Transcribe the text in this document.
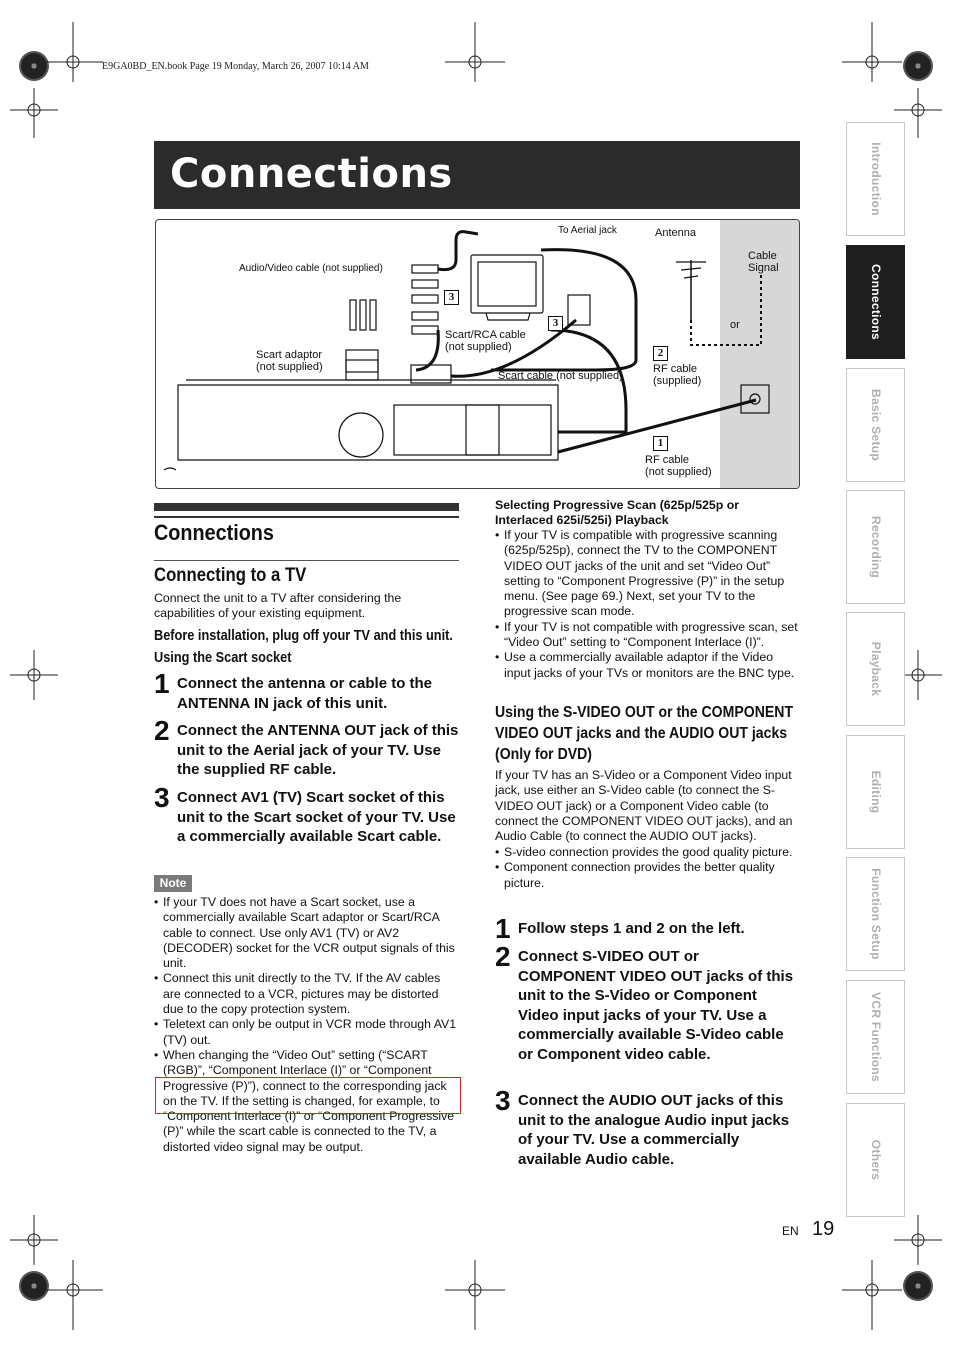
E9GA0BD_EN.book Page 19 Monday, March 26, 2007 10:14 AM
Connections
Audio/Video cable (not supplied)
To Aerial jack	Antenna
Cable
Signal
or
Scart/RCA cable
(not supplied)
Scart adaptor
(not supplied)
Scart cable (not supplied)
RF cable
(supplied)
RF cable
(not supplied)
3
3
2
1
Introduction
Connections
Basic Setup
Recording
Playback
Editing
Function Setup
VCR Functions
Others
Connections
Connecting to a TV
Connect the unit to a TV after considering the capabilities of your existing equipment.
Before installation, plug off your TV and this unit.
Using the Scart socket
1 Connect the antenna or cable to the ANTENNA IN jack of this unit.
2 Connect the ANTENNA OUT jack of this unit to the Aerial jack of your TV. Use the supplied RF cable.
3 Connect AV1 (TV) Scart socket of this unit to the Scart socket of your TV. Use a commercially available Scart cable.
Note
• If your TV does not have a Scart socket, use a commercially available Scart adaptor or Scart/RCA cable to connect. Use only AV1 (TV) or AV2 (DECODER) socket for the VCR output signals of this unit.
• Connect this unit directly to the TV. If the AV cables are connected to a VCR, pictures may be distorted due to the copy protection system.
• Teletext can only be output in VCR mode through AV1 (TV) out.
• When changing the “Video Out” setting (“SCART (RGB)”, “Component Interlace (I)” or “Component Progressive (P)”), connect to the corresponding jack on the TV. If the setting is changed, for example, to “Component Interlace (I)” or “Component Progressive (P)” while the scart cable is connected to the TV, a distorted video signal may be output.
Selecting Progressive Scan (625p/525p or Interlaced 625i/525i) Playback
• If your TV is compatible with progressive scanning (625p/525p), connect the TV to the COMPONENT VIDEO OUT jacks of the unit and set “Video Out” setting to “Component Progressive (P)” in the setup menu. (See page 69.) Next, set your TV to the progressive scan mode.
• If your TV is not compatible with progressive scan, set “Video Out” setting to “Component Interlace (I)”.
• Use a commercially available adaptor if the Video input jacks of your TVs or monitors are the BNC type.
Using the S-VIDEO OUT or the COMPONENT VIDEO OUT jacks and the AUDIO OUT jacks (Only for DVD)
If your TV has an S-Video or a Component Video input jack, use either an S-Video cable (to connect the S-VIDEO OUT jack) or a Component Video cable (to connect the COMPONENT VIDEO OUT jacks), and an Audio Cable (to connect the AUDIO OUT jacks).
• S-video connection provides the good quality picture.
• Component connection provides the better quality picture.
1 Follow steps 1 and 2 on the left.
2 Connect S-VIDEO OUT or COMPONENT VIDEO OUT jacks of this unit to the S-Video or Component Video input jacks of your TV. Use a commercially available S-Video cable or Component video cable.
3 Connect the AUDIO OUT jacks of this unit to the analogue Audio input jacks of your TV. Use a commercially available Audio cable.
EN 19
